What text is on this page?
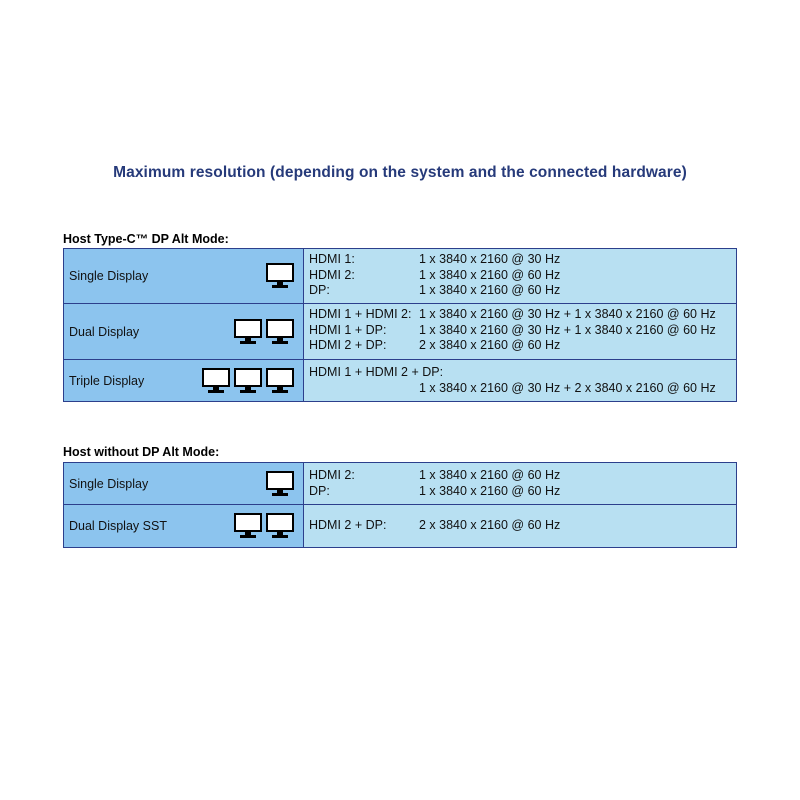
Maximum resolution (depending on the system and the connected hardware)
Host Type-C™ DP Alt Mode:
Single Display
HDMI 1:	1 x 3840 x 2160 @ 30 Hz
HDMI 2:	1 x 3840 x 2160 @ 60 Hz
DP:	1 x 3840 x 2160 @ 60 Hz
Dual Display
HDMI 1 + HDMI 2: 1 x 3840 x 2160 @ 30 Hz + 1 x 3840 x 2160 @ 60 Hz
HDMI 1 + DP:	1 x 3840 x 2160 @ 30 Hz + 1 x 3840 x 2160 @ 60 Hz
HDMI 2 + DP:	2 x 3840 x 2160 @ 60 Hz
Triple Display
HDMI 1 + HDMI 2 + DP:
1 x 3840 x 2160 @ 30 Hz + 2 x 3840 x 2160 @ 60 Hz
Host without DP Alt Mode:
Single Display
HDMI 2:	1 x 3840 x 2160 @ 60 Hz
DP:	1 x 3840 x 2160 @ 60 Hz
Dual Display SST	HDMI 2 + DP:	2 x 3840 x 2160 @ 60 Hz
